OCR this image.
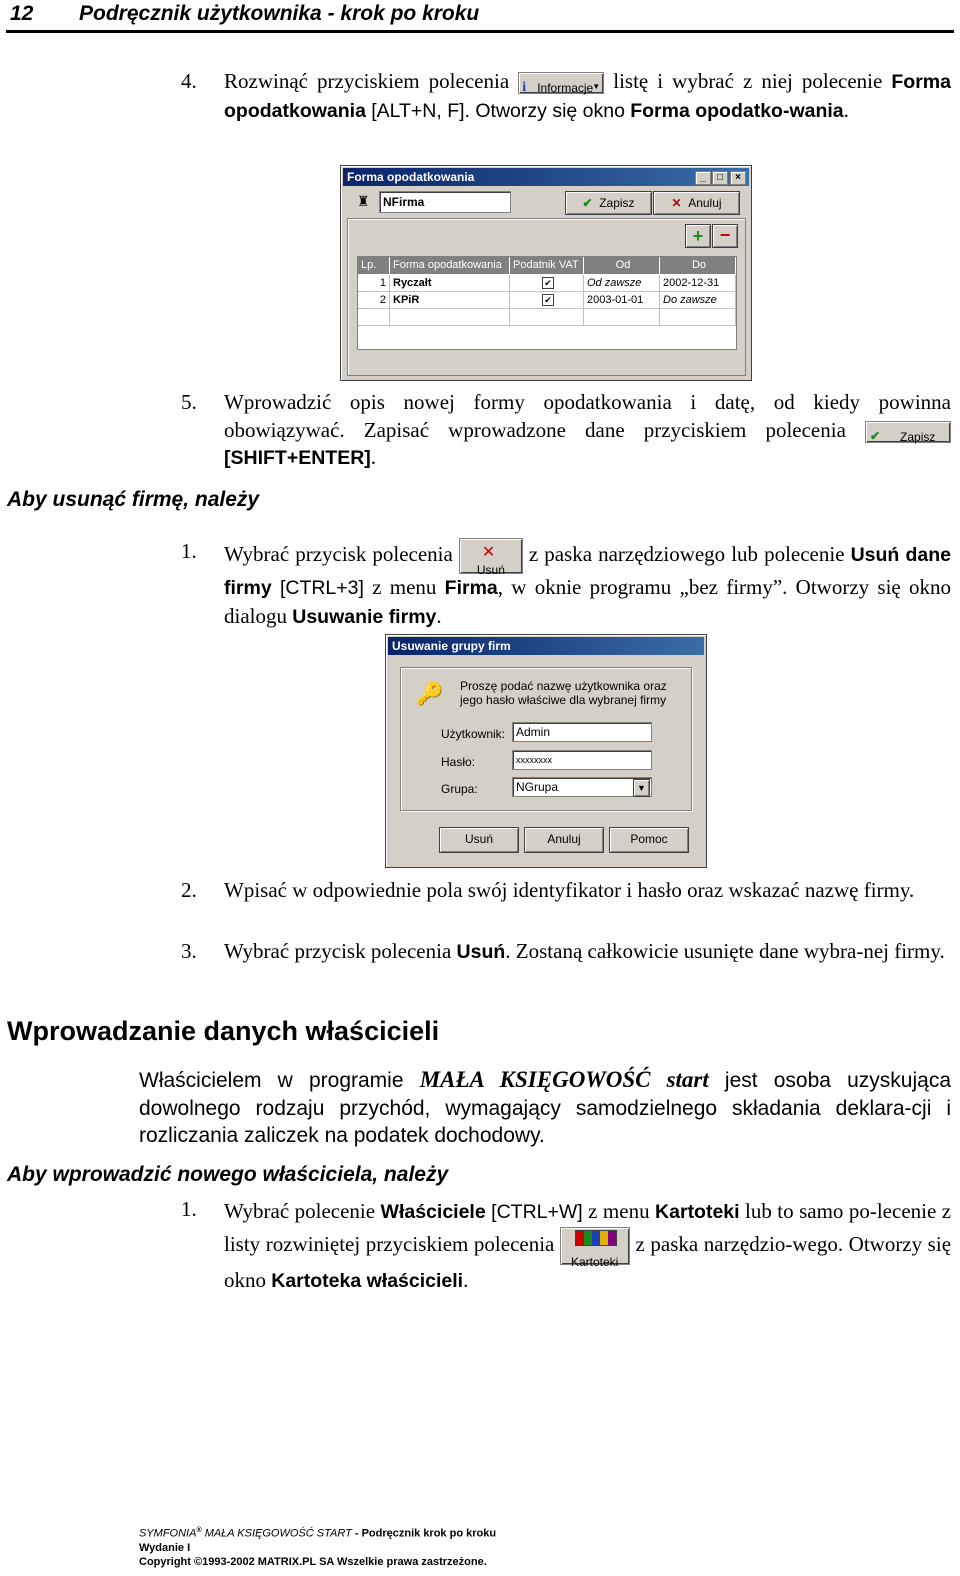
12 Podręcznik użytkownika - krok po kroku
4. Rozwinąć przyciskiem polecenia i Informacje ▼ listę i wybrać z niej polecenie Forma opodatkowania [ALT+N, F]. Otworzy się okno Forma opodatko-wania.
Forma opodatkowania	_	□	×
♜	NFirma	✔ Zapisz	✕ Anuluj
+ −
Lp.	Forma opodatkowania	Podatnik VAT	Od	Do
1 Ryczałt	✔	Od zawsze	2002-12-31
2 KPiR	✔	2003-01-01	Do zawsze
5. Wprowadzić opis nowej formy opodatkowania i datę, od kiedy powinna obowiązywać. Zapisać wprowadzone dane przyciskiem polecenia ✔ Zapisz
[SHIFT+ENTER].
Aby usunąć firmę, należy
1. Wybrać przycisk polecenia ✕
Usuń
z paska narzędziowego lub polecenie Usuń dane firmy [CTRL+3] z menu Firma, w oknie programu „bez firmy”. Otworzy się okno dialogu Usuwanie firmy.
Usuwanie grupy firm
🔑 Proszę podać nazwę użytkownika oraz jego hasło właściwe dla wybranej firmy
Użytkownik: Admin
Hasło:	xxxxxxxx
Grupa:	NGrupa	▼
Usuń	Anuluj	Pomoc
2. Wpisać w odpowiednie pola swój identyfikator i hasło oraz wskazać nazwę firmy.
3. Wybrać przycisk polecenia Usuń. Zostaną całkowicie usunięte dane wybra-nej firmy.
Wprowadzanie danych właścicieli
Właścicielem w programie MAŁA KSIĘGOWOŚĆ start jest osoba uzyskująca dowolnego rodzaju przychód, wymagający samodzielnego składania deklara-cji i rozliczania zaliczek na podatek dochodowy.
Aby wprowadzić nowego właściciela, należy
1. Wybrać polecenie Właściciele [CTRL+W] z menu Kartoteki lub to samo po-lecenie z listy rozwiniętej przyciskiem polecenia
Kartoteki
z paska narzędzio-wego. Otworzy się okno Kartoteka właścicieli.
SYMFONIA® MAŁA KSIĘGOWOŚĆ START - Podręcznik krok po kroku
Wydanie I
Copyright ©1993-2002 MATRIX.PL SA Wszelkie prawa zastrzeżone.
